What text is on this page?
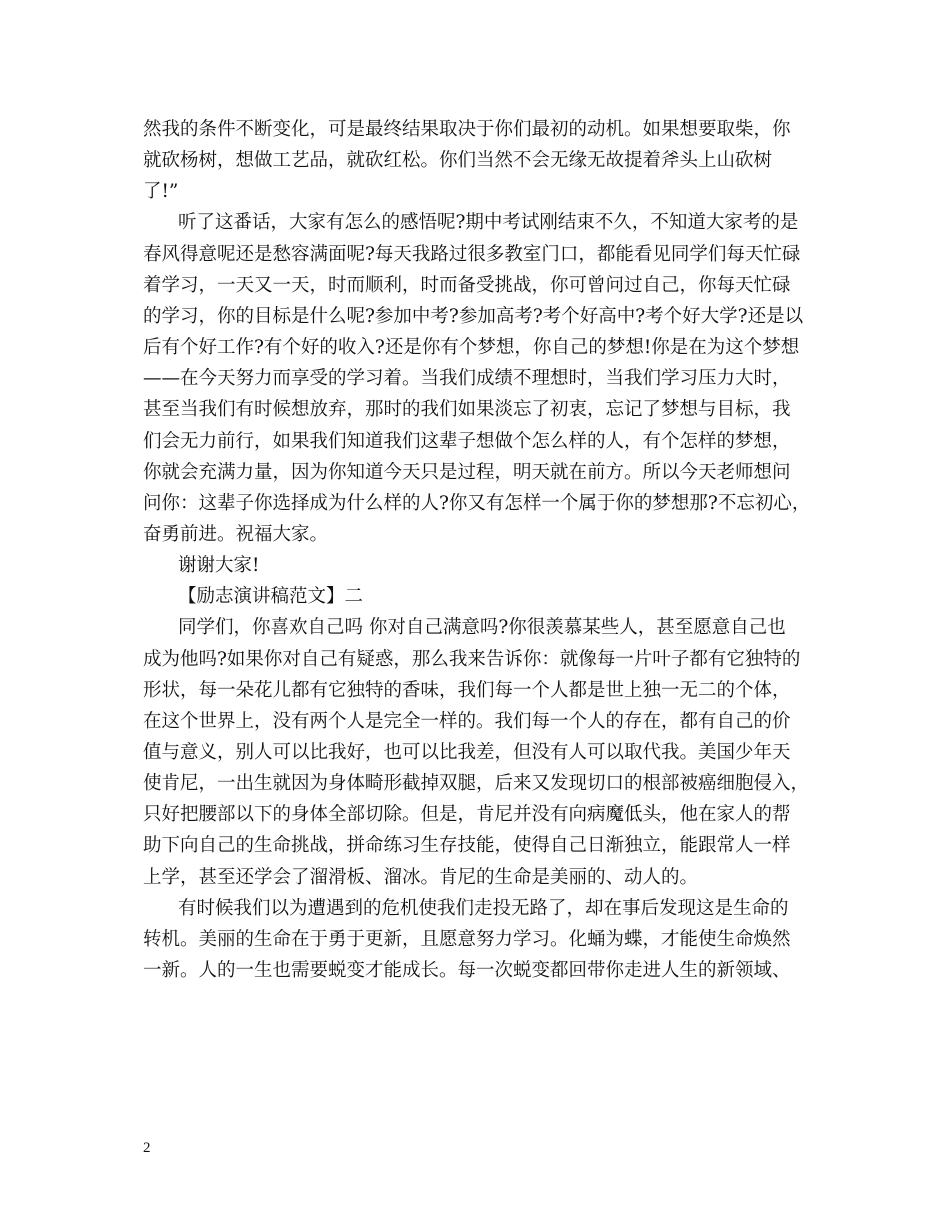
然我的条件不断变化，可是最终结果取决于你们最初的动机。如果想要取柴，你

就砍杨树，想做工艺品，就砍红松。你们当然不会无缘无故提着斧头上山砍树

了!”

听了这番话，大家有怎么的感悟呢?期中考试刚结束不久，不知道大家考的是

春风得意呢还是愁容满面呢?每天我路过很多教室门口，都能看见同学们每天忙碌

着学习，一天又一天，时而顺利，时而备受挑战，你可曾问过自己，你每天忙碌

的学习，你的目标是什么呢?参加中考?参加高考?考个好高中?考个好大学?还是以

后有个好工作?有个好的收入?还是你有个梦想，你自己的梦想!你是在为这个梦想

——在今天努力而享受的学习着。当我们成绩不理想时，当我们学习压力大时，

甚至当我们有时候想放弃，那时的我们如果淡忘了初衷，忘记了梦想与目标，我

们会无力前行，如果我们知道我们这辈子想做个怎么样的人，有个怎样的梦想，

你就会充满力量，因为你知道今天只是过程，明天就在前方。所以今天老师想问

问你：这辈子你选择成为什么样的人?你又有怎样一个属于你的梦想那?不忘初心，

奋勇前进。祝福大家。

谢谢大家!

【励志演讲稿范文】二

同学们，你喜欢自己吗 你对自己满意吗?你很羡慕某些人，甚至愿意自己也

成为他吗?如果你对自己有疑惑，那么我来告诉你：就像每一片叶子都有它独特的

形状，每一朵花儿都有它独特的香味，我们每一个人都是世上独一无二的个体，

在这个世界上，没有两个人是完全一样的。我们每一个人的存在，都有自己的价

值与意义，别人可以比我好，也可以比我差，但没有人可以取代我。美国少年天

使肯尼，一出生就因为身体畸形截掉双腿，后来又发现切口的根部被癌细胞侵入，

只好把腰部以下的身体全部切除。但是，肯尼并没有向病魔低头，他在家人的帮

助下向自己的生命挑战，拼命练习生存技能，使得自己日渐独立，能跟常人一样

上学，甚至还学会了溜滑板、溜冰。肯尼的生命是美丽的、动人的。

有时候我们以为遭遇到的危机使我们走投无路了，却在事后发现这是生命的

转机。美丽的生命在于勇于更新，且愿意努力学习。化蛹为蝶，才能使生命焕然

一新。人的一生也需要蜕变才能成长。每一次蜕变都回带你走进人生的新领域、

2
